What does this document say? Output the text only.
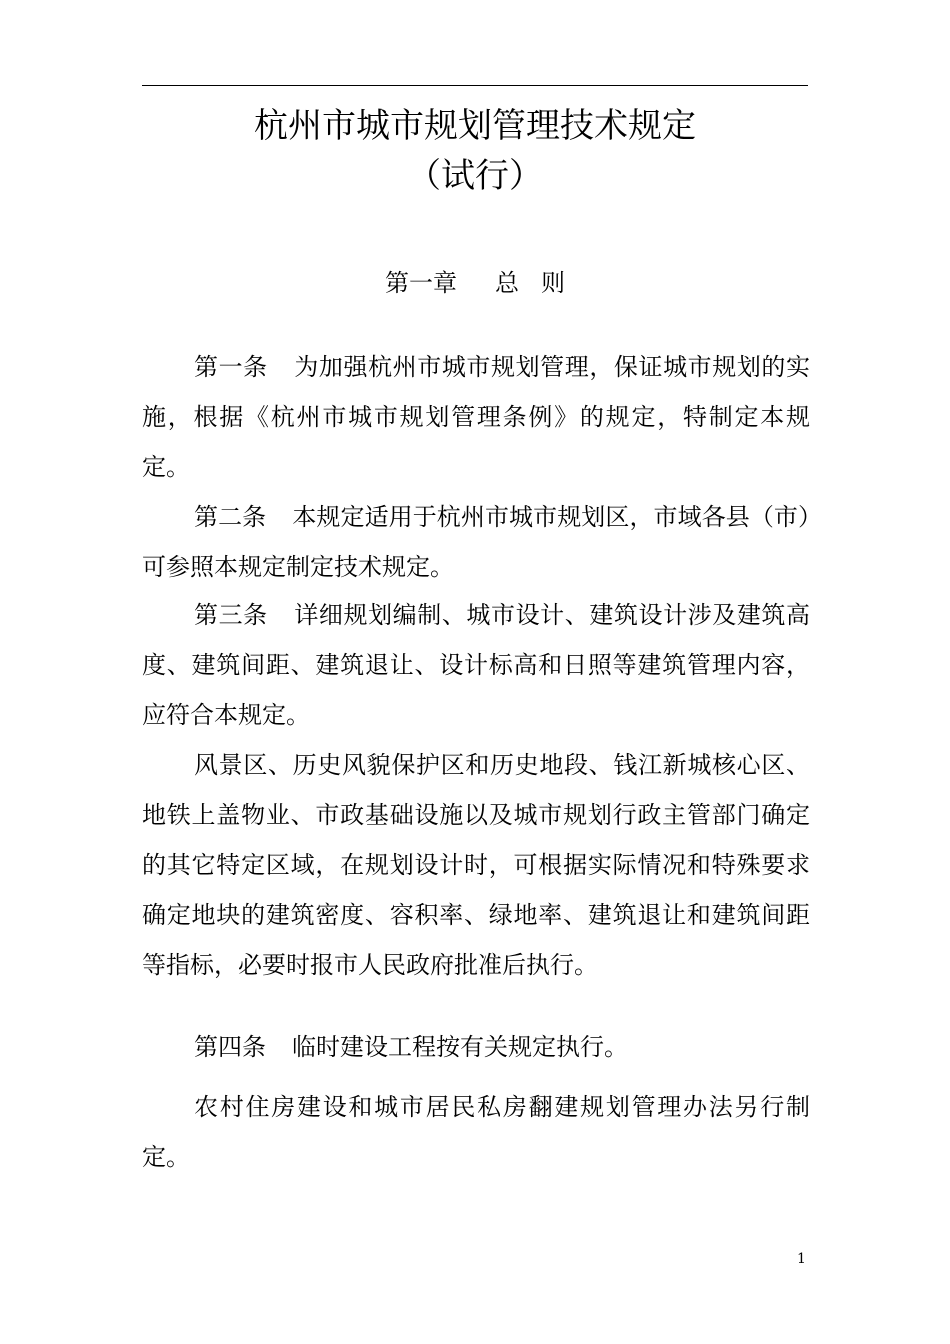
杭州市城市规划管理技术规定
（试行）
第一章 总 则

第一条 为加强杭州市城市规划管理，保证城市规划的实施，根据《杭州市城市规划管理条例》的规定，特制定本规定。

第二条 本规定适用于杭州市城市规划区，市域各县（市）可参照本规定制定技术规定。

第三条 详细规划编制、城市设计、建筑设计涉及建筑高度、建筑间距、建筑退让、设计标高和日照等建筑管理内容，应符合本规定。

风景区、历史风貌保护区和历史地段、钱江新城核心区、地铁上盖物业、市政基础设施以及城市规划行政主管部门确定的其它特定区域，在规划设计时，可根据实际情况和特殊要求确定地块的建筑密度、容积率、绿地率、建筑退让和建筑间距等指标，必要时报市人民政府批准后执行。

第四条 临时建设工程按有关规定执行。

农村住房建设和城市居民私房翻建规划管理办法另行制定。

1
